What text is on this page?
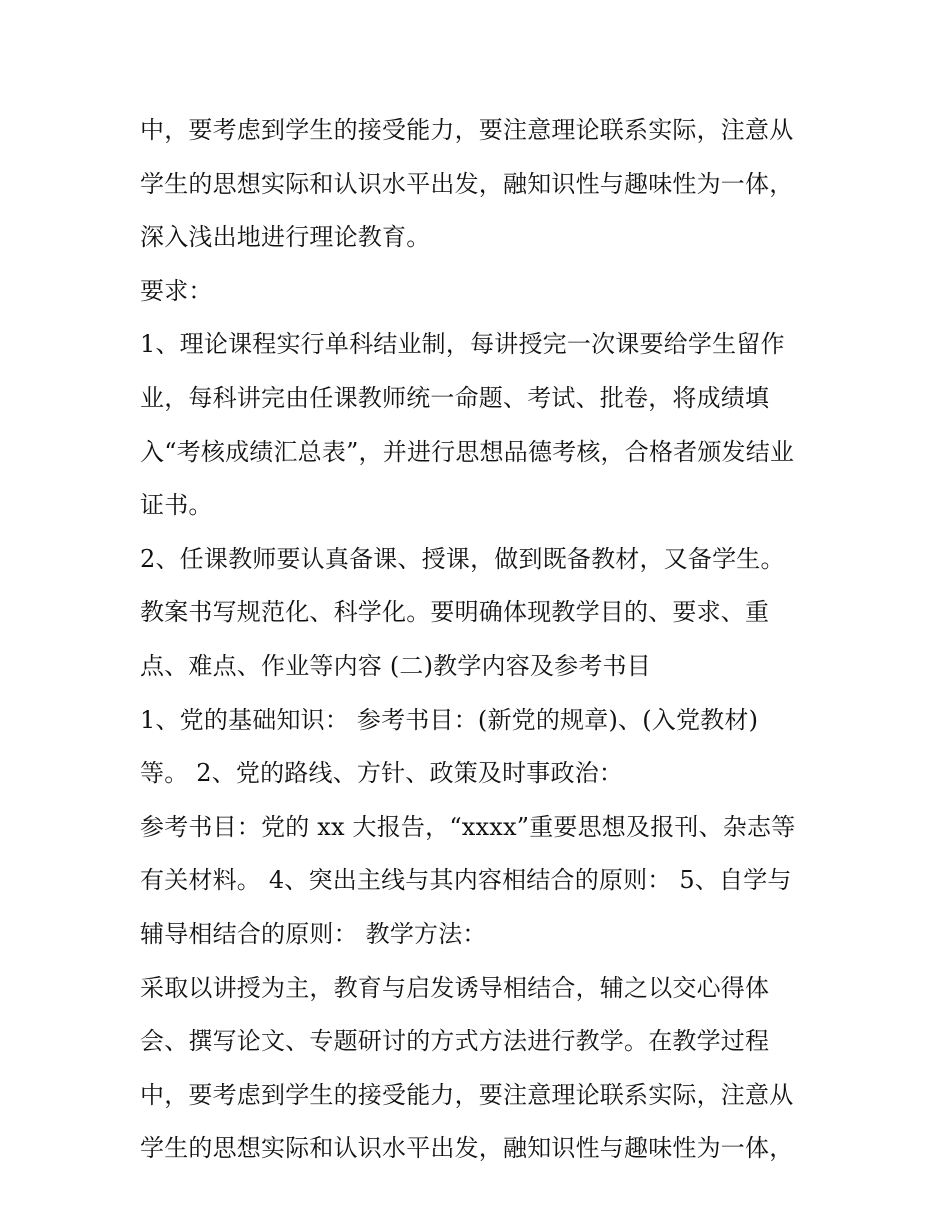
中，要考虑到学生的接受能力，要注意理论联系实际，注意从
学生的思想实际和认识水平出发，融知识性与趣味性为一体，
深入浅出地进行理论教育。
要求：
1、理论课程实行单科结业制，每讲授完一次课要给学生留作
业，每科讲完由任课教师统一命题、考试、批卷，将成绩填
入“考核成绩汇总表”，并进行思想品德考核，合格者颁发结业
证书。
2、任课教师要认真备课、授课，做到既备教材，又备学生。
教案书写规范化、科学化。要明确体现教学目的、要求、重
点、难点、作业等内容 (二)教学内容及参考书目
1、党的基础知识： 参考书目：(新党的规章)、(入党教材)
等。 2、党的路线、方针、政策及时事政治：
参考书目：党的 xx 大报告，“xxxx”重要思想及报刊、杂志等
有关材料。 4、突出主线与其内容相结合的原则： 5、自学与
辅导相结合的原则： 教学方法：
采取以讲授为主，教育与启发诱导相结合，辅之以交心得体
会、撰写论文、专题研讨的方式方法进行教学。在教学过程
中，要考虑到学生的接受能力，要注意理论联系实际，注意从
学生的思想实际和认识水平出发，融知识性与趣味性为一体，
